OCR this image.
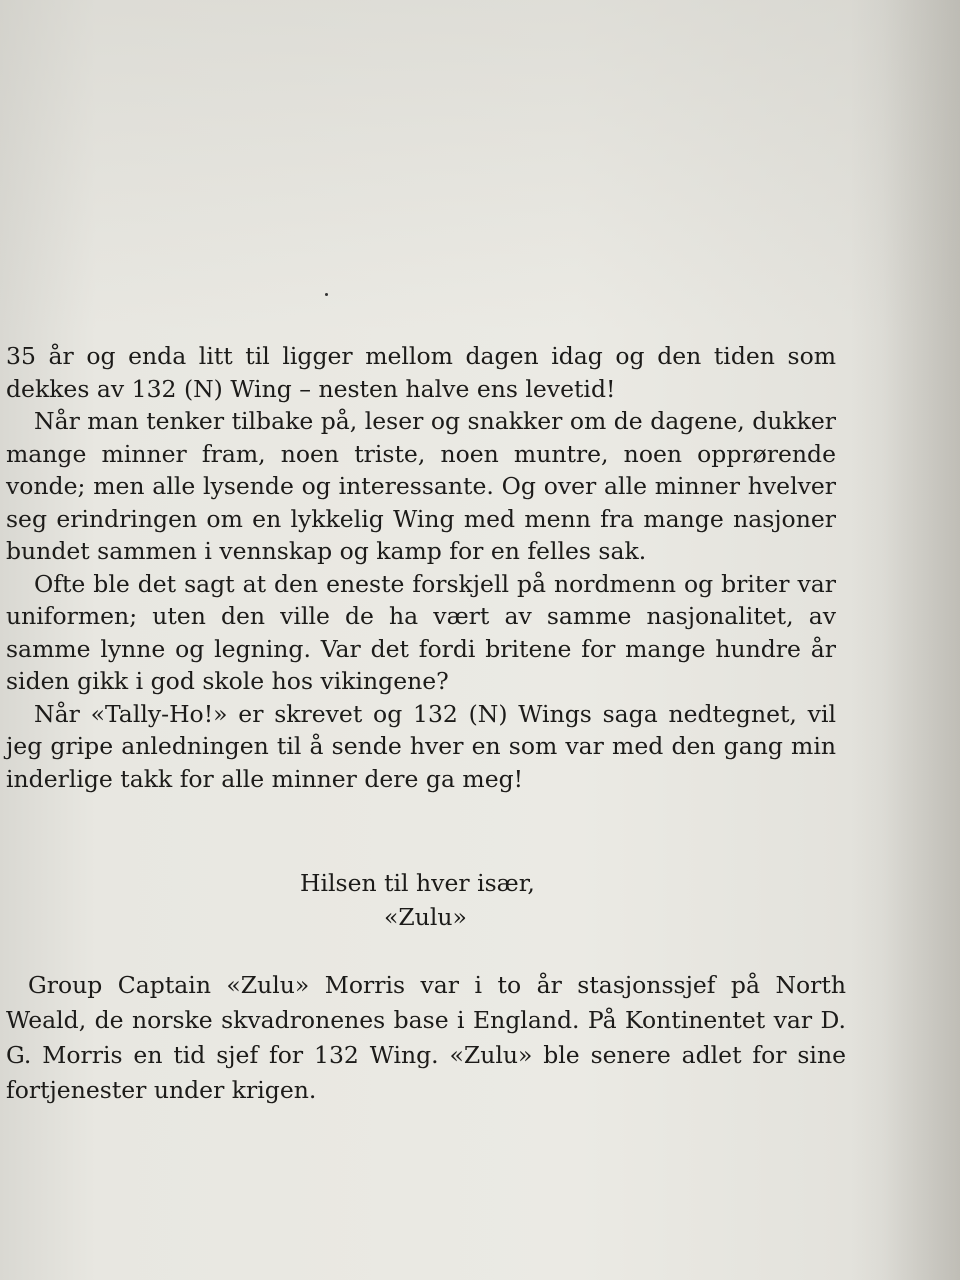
35 år og enda litt til ligger mellom dagen idag og den tiden som dekkes av 132 (N) Wing – nesten halve ens levetid!

Når man tenker tilbake på, leser og snakker om de dagene, dukker mange minner fram, noen triste, noen muntre, noen opprørende vonde; men alle lysende og interessante. Og over alle minner hvelver seg erindringen om en lykkelig Wing med menn fra mange nasjoner bundet sammen i vennskap og kamp for en felles sak.

Ofte ble det sagt at den eneste forskjell på nordmenn og briter var uniformen; uten den ville de ha vært av samme nasjonalitet, av samme lynne og legning. Var det fordi britene for mange hundre år siden gikk i god skole hos vikingene?

Når «Tally-Ho!» er skrevet og 132 (N) Wings saga nedtegnet, vil jeg gripe anledningen til å sende hver en som var med den gang min inderlige takk for alle minner dere ga meg!

Hilsen til hver især,
«Zulu»

Group Captain «Zulu» Morris var i to år stasjonssjef på North Weald, de norske skvadronenes base i England. På Kontinentet var D. G. Morris en tid sjef for 132 Wing. «Zulu» ble senere adlet for sine fortjenester under krigen.
